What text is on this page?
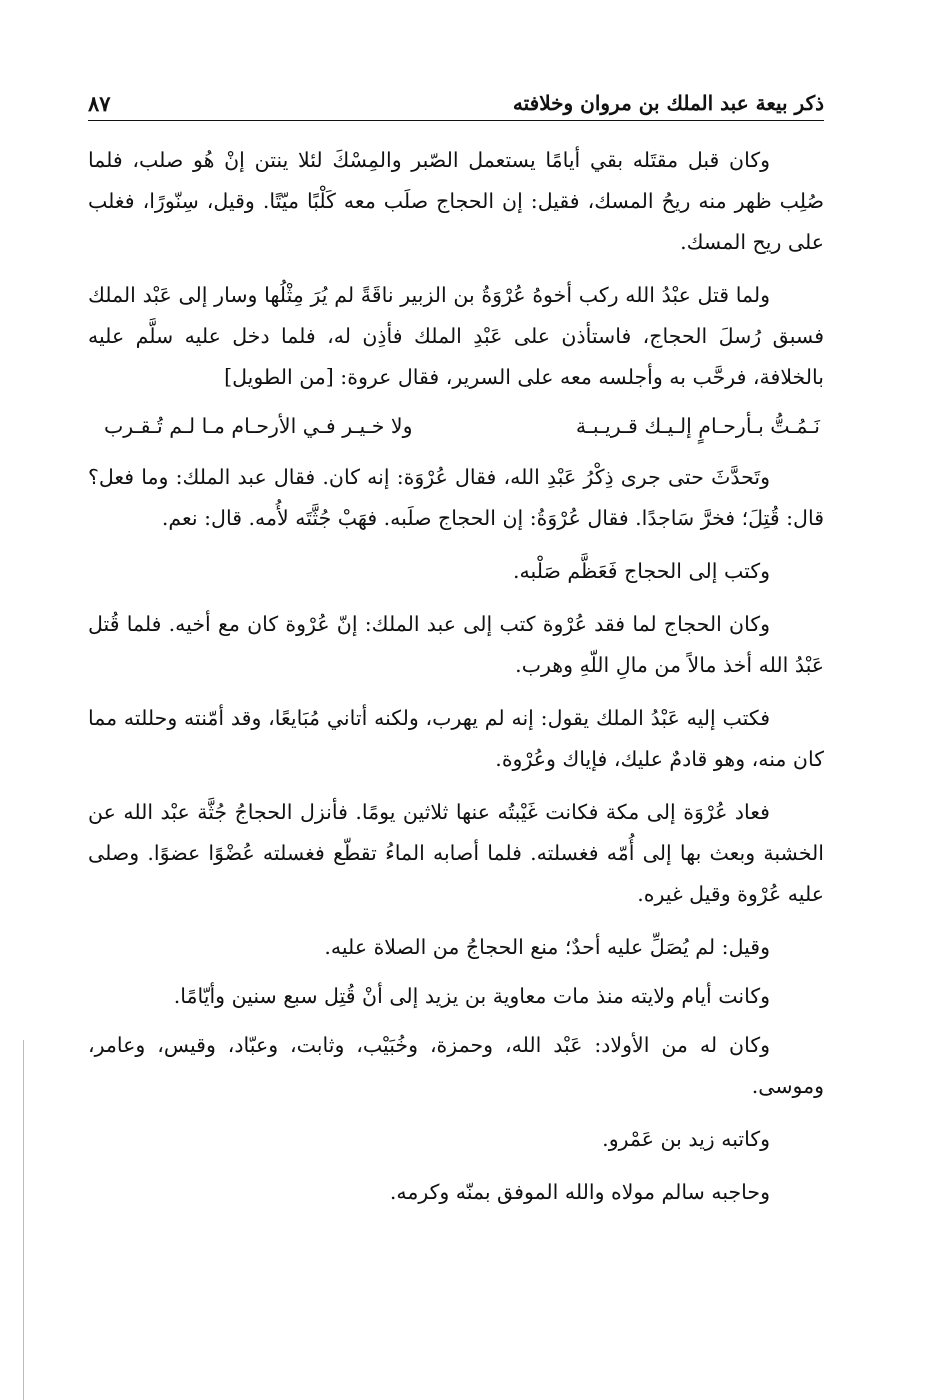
ذكر بيعة عبد الملك بن مروان وخلافته
٨٧

وكان قبل مقتَله بقي أيامًا يستعمل الصّبر والمِسْكَ لئلا ينتن إنْ هُو صلب، فلما صُلِب ظهر منه ريحُ المسك، فقيل: إن الحجاج صلَب معه كَلْبًا ميّتًا. وقيل، سِنّورًا، فغلب على ريح المسك.

ولما قتل عبْدُ الله ركب أخوهُ عُرْوَةُ بن الزبير ناقَةً لم يُرَ مِثْلُها وسار إلى عَبْد الملك فسبق رُسلَ الحجاج، فاستأذن على عَبْدِ الملك فأذِن له، فلما دخل عليه سلَّم عليه بالخلافة، فرحَّب به وأجلسه معه على السرير، فقال عروة: [من الطويل]

نَـمُـتُّ بـأرحـامٍ إلـيـك قـريـبـة
ولا خـيـر فـي الأرحـام مـا لـم تُـقـرب

وتَحدَّثَ حتى جرى ذِكْرُ عَبْدِ الله، فقال عُرْوَة: إنه كان. فقال عبد الملك: وما فعل؟ قال: قُتِلَ؛ فخرَّ سَاجدًا. فقال عُرْوَةُ: إن الحجاج صلَبه. فهَبْ جُثَّتَه لأُمه. قال: نعم.

وكتب إلى الحجاج فَعَظَّم صَلْبه.

وكان الحجاج لما فقد عُرْوة كتب إلى عبد الملك: إنّ عُرْوة كان مع أخيه. فلما قُتل عَبْدُ الله أخذ مالاً من مالِ اللّهِ وهرب.

فكتب إليه عَبْدُ الملك يقول: إنه لم يهرب، ولكنه أتاني مُبَايعًا، وقد أمّنته وحللته مما كان منه، وهو قادمٌ عليك، فإياك وعُرْوة.

فعاد عُرْوَة إلى مكة فكانت غَيْبتُه عنها ثلاثين يومًا. فأنزل الحجاجُ جُثَّة عبْد الله عن الخشبة وبعث بها إلى أُمّه فغسلته. فلما أصابه الماءُ تقطّع فغسلته عُضْوًا عضوًا. وصلى عليه عُرْوة وقيل غيره.

وقيل: لم يُصَلِّ عليه أحدٌ؛ منع الحجاجُ من الصلاة عليه.

وكانت أيام ولايته منذ مات معاوية بن يزيد إلى أنْ قُتِل سبع سنين وأيّامًا.

وكان له من الأولاد: عَبْد الله، وحمزة، وخُبَيْب، وثابت، وعبّاد، وقيس، وعامر، وموسى.

وكاتبه زيد بن عَمْرو.

وحاجبه سالم مولاه والله الموفق بمنّه وكرمه.
